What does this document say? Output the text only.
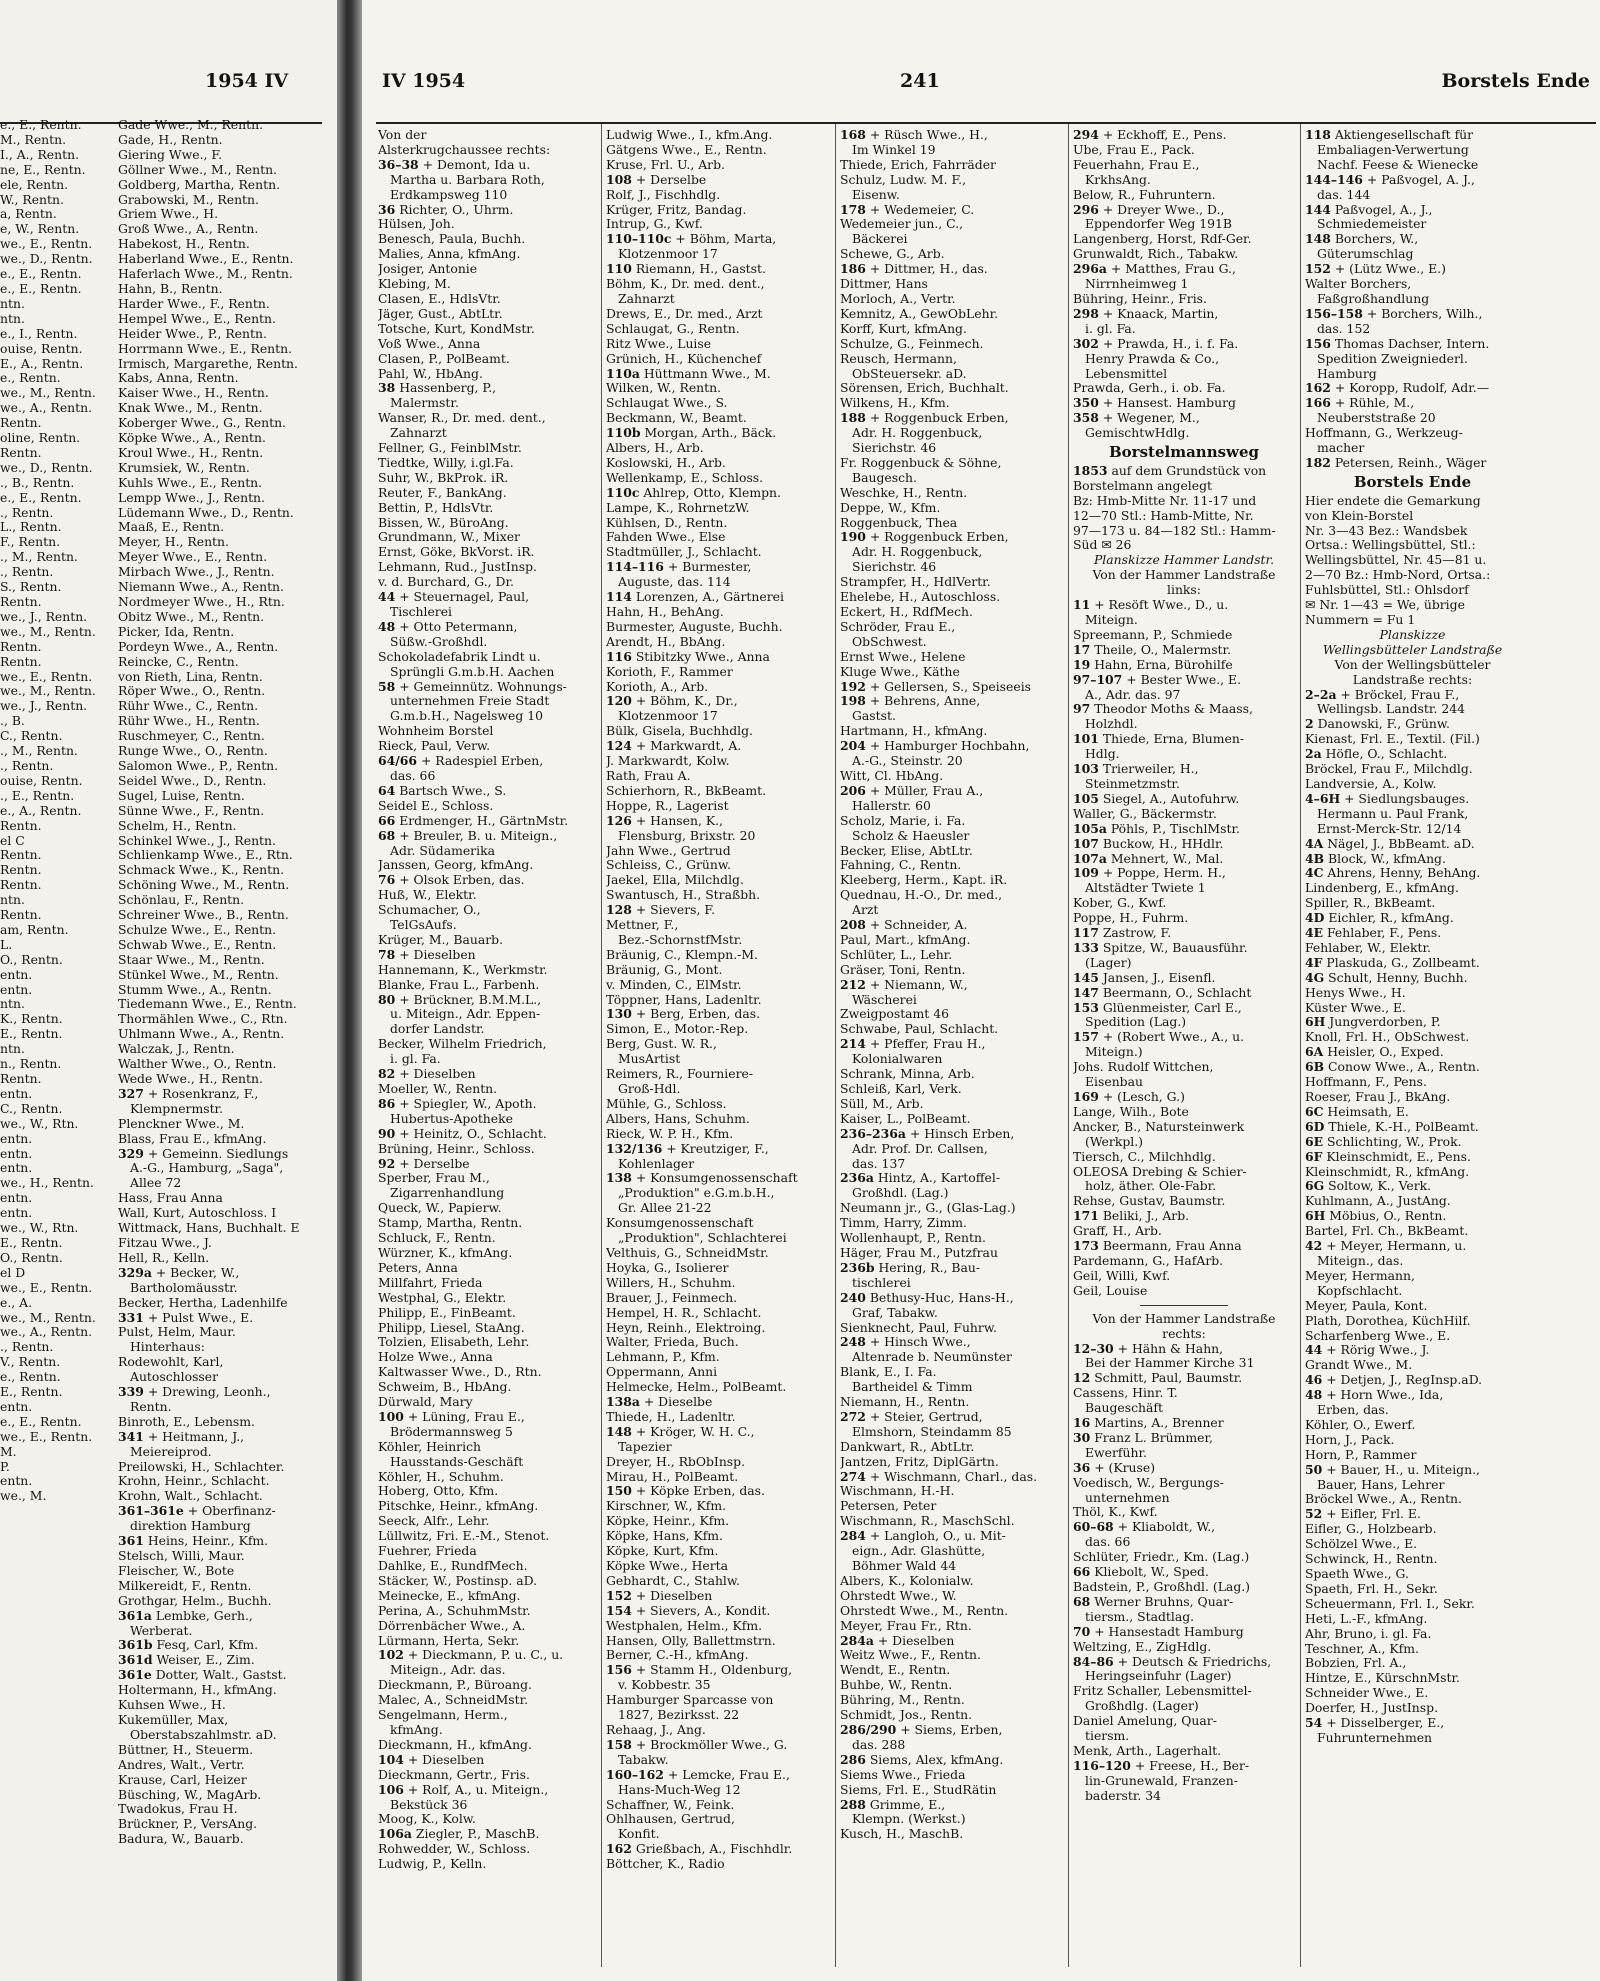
1954 IV
e., E., Rentn.
M., Rentn.
I., A., Rentn.
ne, E., Rentn.
ele, Rentn.
W., Rentn.
a, Rentn.
e, W., Rentn.
we., E., Rentn.
we., D., Rentn.
e., E., Rentn.
e., E., Rentn.
ntn.
ntn.
e., I., Rentn.
ouise, Rentn.
E., A., Rentn.
e., Rentn.
we., M., Rentn.
we., A., Rentn.
Rentn.
oline, Rentn.
Rentn.
we., D., Rentn.
., B., Rentn.
e., E., Rentn.
., Rentn.
L., Rentn.
F., Rentn.
., M., Rentn.
., Rentn.
S., Rentn.
Rentn.
we., J., Rentn.
we., M., Rentn.
Rentn.
Rentn.
we., E., Rentn.
we., M., Rentn.
we., J., Rentn.
., B.
C., Rentn.
., M., Rentn.
., Rentn.
ouise, Rentn.
., E., Rentn.
e., A., Rentn.
Rentn.
el C
Rentn.
Rentn.
Rentn.
ntn.
Rentn.
am, Rentn.
L.
O., Rentn.
entn.
entn.
ntn.
K., Rentn.
E., Rentn.
ntn.
n., Rentn.
Rentn.
entn.
C., Rentn.
we., W., Rtn.
entn.
entn.
entn.
we., H., Rentn.
entn.
entn.
we., W., Rtn.
E., Rentn.
O., Rentn.
el D
we., E., Rentn.
e., A.
we., M., Rentn.
we., A., Rentn.
., Rentn.
V., Rentn.
e., Rentn.
E., Rentn.
entn.
e., E., Rentn.
we., E., Rentn.
M.
P.
entn.
we., M.
Gade Wwe., M., Rentn.
Gade, H., Rentn.
Giering Wwe., F.
Göllner Wwe., M., Rentn.
Goldberg, Martha, Rentn.
Grabowski, M., Rentn.
Griem Wwe., H.
Groß Wwe., A., Rentn.
Habekost, H., Rentn.
Haberland Wwe., E., Rentn.
Haferlach Wwe., M., Rentn.
Hahn, B., Rentn.
Harder Wwe., F., Rentn.
Hempel Wwe., E., Rentn.
Heider Wwe., P., Rentn.
Horrmann Wwe., E., Rentn.
Irmisch, Margarethe, Rentn.
Kabs, Anna, Rentn.
Kaiser Wwe., H., Rentn.
Knak Wwe., M., Rentn.
Koberger Wwe., G., Rentn.
Köpke Wwe., A., Rentn.
Kroul Wwe., H., Rentn.
Krumsiek, W., Rentn.
Kuhls Wwe., E., Rentn.
Lempp Wwe., J., Rentn.
Lüdemann Wwe., D., Rentn.
Maaß, E., Rentn.
Meyer, H., Rentn.
Meyer Wwe., E., Rentn.
Mirbach Wwe., J., Rentn.
Niemann Wwe., A., Rentn.
Nordmeyer Wwe., H., Rtn.
Obitz Wwe., M., Rentn.
Picker, Ida, Rentn.
Pordeyn Wwe., A., Rentn.
Reincke, C., Rentn.
von Rieth, Lina, Rentn.
Röper Wwe., O., Rentn.
Rühr Wwe., C., Rentn.
Rühr Wwe., H., Rentn.
Ruschmeyer, C., Rentn.
Runge Wwe., O., Rentn.
Salomon Wwe., P., Rentn.
Seidel Wwe., D., Rentn.
Sugel, Luise, Rentn.
Sünne Wwe., F., Rentn.
Schelm, H., Rentn.
Schinkel Wwe., J., Rentn.
Schlienkamp Wwe., E., Rtn.
Schmack Wwe., K., Rentn.
Schöning Wwe., M., Rentn.
Schönlau, F., Rentn.
Schreiner Wwe., B., Rentn.
Schulze Wwe., E., Rentn.
Schwab Wwe., E., Rentn.
Staar Wwe., M., Rentn.
Stünkel Wwe., M., Rentn.
Stumm Wwe., A., Rentn.
Tiedemann Wwe., E., Rentn.
Thormählen Wwe., C., Rtn.
Uhlmann Wwe., A., Rentn.
Walczak, J., Rentn.
Walther Wwe., O., Rentn.
Wede Wwe., H., Rentn.
327 + Rosenkranz, F.,
Klempnermstr.
Plenckner Wwe., M.
Blass, Frau E., kfmAng.
329 + Gemeinn. Siedlungs
A.-G., Hamburg, „Saga",
Allee 72
Hass, Frau Anna
Wall, Kurt, Autoschloss. I
Wittmack, Hans, Buchhalt. E
Fitzau Wwe., J.
Hell, R., Kelln.
329a + Becker, W.,
Bartholomäusstr.
Becker, Hertha, Ladenhilfe
331 + Pulst Wwe., E.
Pulst, Helm, Maur.
Hinterhaus:
Rodewohlt, Karl,
Autoschlosser
339 + Drewing, Leonh.,
Rentn.
Binroth, E., Lebensm.
341 + Heitmann, J.,
Meiereiprod.
Preilowski, H., Schlachter.
Krohn, Heinr., Schlacht.
Krohn, Walt., Schlacht.
361–361e + Oberfinanz-
direktion Hamburg
361 Heins, Heinr., Kfm.
Stelsch, Willi, Maur.
Fleischer, W., Bote
Milkereidt, F., Rentn.
Grothgar, Helm., Buchh.
361a Lembke, Gerh.,
Werberat.
361b Fesq, Carl, Kfm.
361d Weiser, E., Zim.
361e Dotter, Walt., Gastst.
Holtermann, H., kfmAng.
Kuhsen Wwe., H.
Kukemüller, Max,
Oberstabszahlmstr. aD.
Büttner, H., Steuerm.
Andres, Walt., Vertr.
Krause, Carl, Heizer
Büsching, W., MagArb.
Twadokus, Frau H.
Brückner, P., VersAng.
Badura, W., Bauarb.
IV 1954	241	Borstels Ende
Von der
Alsterkrugchaussee rechts:
36–38 + Demont, Ida u.
Martha u. Barbara Roth,
Erdkampsweg 110
36 Richter, O., Uhrm.
Hülsen, Joh.
Benesch, Paula, Buchh.
Malies, Anna, kfmAng.
Josiger, Antonie
Klebing, M.
Clasen, E., HdlsVtr.
Jäger, Gust., AbtLtr.
Totsche, Kurt, KondMstr.
Voß Wwe., Anna
Clasen, P., PolBeamt.
Pahl, W., HbAng.
38 Hassenberg, P.,
Malermstr.
Wanser, R., Dr. med. dent.,
Zahnarzt
Fellner, G., FeinblMstr.
Tiedtke, Willy, i.gl.Fa.
Suhr, W., BkProk. iR.
Reuter, F., BankAng.
Bettin, P., HdlsVtr.
Bissen, W., BüroAng.
Grundmann, W., Mixer
Ernst, Göke, BkVorst. iR.
Lehmann, Rud., JustInsp.
v. d. Burchard, G., Dr.
44 + Steuernagel, Paul,
Tischlerei
48 + Otto Petermann,
Süßw.-Großhdl.
Schokoladefabrik Lindt u.
Sprüngli G.m.b.H. Aachen
58 + Gemeinnütz. Wohnungs-
unternehmen Freie Stadt
G.m.b.H., Nagelsweg 10
Wohnheim Borstel
Rieck, Paul, Verw.
64/66 + Radespiel Erben,
das. 66
64 Bartsch Wwe., S.
Seidel E., Schloss.
66 Erdmenger, H., GärtnMstr.
68 + Breuler, B. u. Miteign.,
Adr. Südamerika
Janssen, Georg, kfmAng.
76 + Olsok Erben, das.
Huß, W., Elektr.
Schumacher, O.,
TelGsAufs.
Krüger, M., Bauarb.
78 + Dieselben
Hannemann, K., Werkmstr.
Blanke, Frau L., Farbenh.
80 + Brückner, B.M.M.L.,
u. Miteign., Adr. Eppen-
dorfer Landstr.
Becker, Wilhelm Friedrich,
i. gl. Fa.
82 + Dieselben
Moeller, W., Rentn.
86 + Spiegler, W., Apoth.
Hubertus-Apotheke
90 + Heinitz, O., Schlacht.
Brüning, Heinr., Schloss.
92 + Derselbe
Sperber, Frau M.,
Zigarrenhandlung
Queck, W., Papierw.
Stamp, Martha, Rentn.
Schluck, F., Rentn.
Würzner, K., kfmAng.
Peters, Anna
Millfahrt, Frieda
Westphal, G., Elektr.
Philipp, E., FinBeamt.
Philipp, Liesel, StaAng.
Tolzien, Elisabeth, Lehr.
Holze Wwe., Anna
Kaltwasser Wwe., D., Rtn.
Schweim, B., HbAng.
Dürwald, Mary
100 + Lüning, Frau E.,
Brödermannsweg 5
Köhler, Heinrich
Hausstands-Geschäft
Köhler, H., Schuhm.
Hoberg, Otto, Kfm.
Pitschke, Heinr., kfmAng.
Seeck, Alfr., Lehr.
Lüllwitz, Fri. E.-M., Stenot.
Fuehrer, Frieda
Dahlke, E., RundfMech.
Stäcker, W., Postinsp. aD.
Meinecke, E., kfmAng.
Perina, A., SchuhmMstr.
Dörrenbächer Wwe., A.
Lürmann, Herta, Sekr.
102 + Dieckmann, P. u. C., u.
Miteign., Adr. das.
Dieckmann, P., Büroang.
Malec, A., SchneidMstr.
Sengelmann, Herm.,
kfmAng.
Dieckmann, H., kfmAng.
104 + Dieselben
Dieckmann, Gertr., Fris.
106 + Rolf, A., u. Miteign.,
Bekstück 36
Moog, K., Kolw.
106a Ziegler, P., MaschB.
Rohwedder, W., Schloss.
Ludwig, P., Kelln.
Ludwig Wwe., I., kfm.Ang.
Gätgens Wwe., E., Rentn.
Kruse, Frl. U., Arb.
108 + Derselbe
Rolf, J., Fischhdlg.
Krüger, Fritz, Bandag.
Intrup, G., Kwf.
110–110c + Böhm, Marta,
Klotzenmoor 17
110 Riemann, H., Gastst.
Böhm, K., Dr. med. dent.,
Zahnarzt
Drews, E., Dr. med., Arzt
Schlaugat, G., Rentn.
Ritz Wwe., Luise
Grünich, H., Küchenchef
110a Hüttmann Wwe., M.
Wilken, W., Rentn.
Schlaugat Wwe., S.
Beckmann, W., Beamt.
110b Morgan, Arth., Bäck.
Albers, H., Arb.
Koslowski, H., Arb.
Wellenkamp, E., Schloss.
110c Ahlrep, Otto, Klempn.
Lampe, K., RohrnetzW.
Kühlsen, D., Rentn.
Fahden Wwe., Else
Stadtmüller, J., Schlacht.
114–116 + Burmester,
Auguste, das. 114
114 Lorenzen, A., Gärtnerei
Hahn, H., BehAng.
Burmester, Auguste, Buchh.
Arendt, H., BbAng.
116 Stibitzky Wwe., Anna
Korioth, F., Rammer
Korioth, A., Arb.
120 + Böhm, K., Dr.,
Klotzenmoor 17
Bülk, Gisela, Buchhdlg.
124 + Markwardt, A.
J. Markwardt, Kolw.
Rath, Frau A.
Schierhorn, R., BkBeamt.
Hoppe, R., Lagerist
126 + Hansen, K.,
Flensburg, Brixstr. 20
Jahn Wwe., Gertrud
Schleiss, C., Grünw.
Jaekel, Ella, Milchdlg.
Swantusch, H., Straßbh.
128 + Sievers, F.
Mettner, F.,
Bez.-SchornstfMstr.
Bräunig, C., Klempn.-M.
Bräunig, G., Mont.
v. Minden, C., ElMstr.
Töppner, Hans, Ladenltr.
130 + Berg, Erben, das.
Simon, E., Motor.-Rep.
Berg, Gust. W. R.,
MusArtist
Reimers, R., Fourniere-
Groß-Hdl.
Mühle, G., Schloss.
Albers, Hans, Schuhm.
Rieck, W. P. H., Kfm.
132/136 + Kreutziger, F.,
Kohlenlager
138 + Konsumgenossenschaft
„Produktion" e.G.m.b.H.,
Gr. Allee 21-22
Konsumgenossenschaft
„Produktion", Schlachterei
Velthuis, G., SchneidMstr.
Hoyka, G., Isolierer
Willers, H., Schuhm.
Brauer, J., Feinmech.
Hempel, H. R., Schlacht.
Heyn, Reinh., Elektroing.
Walter, Frieda, Buch.
Lehmann, P., Kfm.
Oppermann, Anni
Helmecke, Helm., PolBeamt.
138a + Dieselbe
Thiede, H., Ladenltr.
148 + Kröger, W. H. C.,
Tapezier
Dreyer, H., RbObInsp.
Mirau, H., PolBeamt.
150 + Köpke Erben, das.
Kirschner, W., Kfm.
Köpke, Heinr., Kfm.
Köpke, Hans, Kfm.
Köpke, Kurt, Kfm.
Köpke Wwe., Herta
Gebhardt, C., Stahlw.
152 + Dieselben
154 + Sievers, A., Kondit.
Westphalen, Helm., Kfm.
Hansen, Olly, Ballettmstrn.
Berner, C.-H., kfmAng.
156 + Stamm H., Oldenburg,
v. Kobbestr. 35
Hamburger Sparcasse von
1827, Bezirksst. 22
Rehaag, J., Ang.
158 + Brockmöller Wwe., G.
Tabakw.
160–162 + Lemcke, Frau E.,
Hans-Much-Weg 12
Schaffner, W., Feink.
Ohlhausen, Gertrud,
Konfit.
162 Grießbach, A., Fischhdlr.
Böttcher, K., Radio
168 + Rüsch Wwe., H.,
Im Winkel 19
Thiede, Erich, Fahrräder
Schulz, Ludw. M. F.,
Eisenw.
178 + Wedemeier, C.
Wedemeier jun., C.,
Bäckerei
Schewe, G., Arb.
186 + Dittmer, H., das.
Dittmer, Hans
Morloch, A., Vertr.
Kemnitz, A., GewObLehr.
Korff, Kurt, kfmAng.
Schulze, G., Feinmech.
Reusch, Hermann,
ObSteuersekr. aD.
Sörensen, Erich, Buchhalt.
Wilkens, H., Kfm.
188 + Roggenbuck Erben,
Adr. H. Roggenbuck,
Sierichstr. 46
Fr. Roggenbuck & Söhne,
Baugesch.
Weschke, H., Rentn.
Deppe, W., Kfm.
Roggenbuck, Thea
190 + Roggenbuck Erben,
Adr. H. Roggenbuck,
Sierichstr. 46
Strampfer, H., HdlVertr.
Ehelebe, H., Autoschloss.
Eckert, H., RdfMech.
Schröder, Frau E.,
ObSchwest.
Ernst Wwe., Helene
Kluge Wwe., Käthe
192 + Gellersen, S., Speiseeis
198 + Behrens, Anne,
Gastst.
Hartmann, H., kfmAng.
204 + Hamburger Hochbahn,
A.-G., Steinstr. 20
Witt, Cl. HbAng.
206 + Müller, Frau A.,
Hallerstr. 60
Scholz, Marie, i. Fa.
Scholz & Haeusler
Becker, Elise, AbtLtr.
Fahning, C., Rentn.
Kleeberg, Herm., Kapt. iR.
Quednau, H.-O., Dr. med.,
Arzt
208 + Schneider, A.
Paul, Mart., kfmAng.
Schlüter, L., Lehr.
Gräser, Toni, Rentn.
212 + Niemann, W.,
Wäscherei
Zweigpostamt 46
Schwabe, Paul, Schlacht.
214 + Pfeffer, Frau H.,
Kolonialwaren
Schrank, Minna, Arb.
Schleiß, Karl, Verk.
Süll, M., Arb.
Kaiser, L., PolBeamt.
236–236a + Hinsch Erben,
Adr. Prof. Dr. Callsen,
das. 137
236a Hintz, A., Kartoffel-
Großhdl. (Lag.)
Neumann jr., G., (Glas-Lag.)
Timm, Harry, Zimm.
Wollenhaupt, P., Rentn.
Häger, Frau M., Putzfrau
236b Hering, R., Bau-
tischlerei
240 Bethusy-Huc, Hans-H.,
Graf, Tabakw.
Sienknecht, Paul, Fuhrw.
248 + Hinsch Wwe.,
Altenrade b. Neumünster
Blank, E., I. Fa.
Bartheidel & Timm
Niemann, H., Rentn.
272 + Steier, Gertrud,
Elmshorn, Steindamm 85
Dankwart, R., AbtLtr.
Jantzen, Fritz, DiplGärtn.
274 + Wischmann, Charl., das.
Wischmann, H.-H.
Petersen, Peter
Wischmann, R., MaschSchl.
284 + Langloh, O., u. Mit-
eign., Adr. Glashütte,
Böhmer Wald 44
Albers, K., Kolonialw.
Ohrstedt Wwe., W.
Ohrstedt Wwe., M., Rentn.
Meyer, Frau Fr., Rtn.
284a + Dieselben
Weitz Wwe., F., Rentn.
Wendt, E., Rentn.
Buhbe, W., Rentn.
Bühring, M., Rentn.
Schmidt, Jos., Rentn.
286/290 + Siems, Erben,
das. 288
286 Siems, Alex, kfmAng.
Siems Wwe., Frieda
Siems, Frl. E., StudRätin
288 Grimme, E.,
Klempn. (Werkst.)
Kusch, H., MaschB.
294 + Eckhoff, E., Pens.
Ube, Frau E., Pack.
Feuerhahn, Frau E.,
KrkhsAng.
Below, R., Fuhruntern.
296 + Dreyer Wwe., D.,
Eppendorfer Weg 191B
Langenberg, Horst, Rdf-Ger.
Grunwaldt, Rich., Tabakw.
296a + Matthes, Frau G.,
Nirrnheimweg 1
Bühring, Heinr., Fris.
298 + Knaack, Martin,
i. gl. Fa.
302 + Prawda, H., i. f. Fa.
Henry Prawda & Co.,
Lebensmittel
Prawda, Gerh., i. ob. Fa.
350 + Hansest. Hamburg
358 + Wegener, M.,
GemischtwHdlg.
Borstelmannsweg
1853 auf dem Grundstück von
Borstelmann angelegt
Bz: Hmb-Mitte Nr. 11-17 und
12—70 Stl.: Hamb-Mitte, Nr.
97—173 u. 84—182 Stl.: Hamm-
Süd ✉ 26
Planskizze Hammer Landstr.
Von der Hammer Landstraße
links:
11 + Resöft Wwe., D., u.
Miteign.
Spreemann, P., Schmiede
17 Theile, O., Malermstr.
19 Hahn, Erna, Bürohilfe
97–107 + Bester Wwe., E.
A., Adr. das. 97
97 Theodor Moths & Maass,
Holzhdl.
101 Thiede, Erna, Blumen-
Hdlg.
103 Trierweiler, H.,
Steinmetzmstr.
105 Siegel, A., Autofuhrw.
Waller, G., Bäckermstr.
105a Pöhls, P., TischlMstr.
107 Buckow, H., HHdlr.
107a Mehnert, W., Mal.
109 + Poppe, Herm. H.,
Altstädter Twiete 1
Kober, G., Kwf.
Poppe, H., Fuhrm.
117 Zastrow, F.
133 Spitze, W., Bauausführ.
(Lager)
145 Jansen, J., Eisenfl.
147 Beermann, O., Schlacht
153 Glüenmeister, Carl E.,
Spedition (Lag.)
157 + (Robert Wwe., A., u.
Miteign.)
Johs. Rudolf Wittchen,
Eisenbau
169 + (Lesch, G.)
Lange, Wilh., Bote
Ancker, B., Natursteinwerk
(Werkpl.)
Tiersch, C., Milchhdlg.
OLEOSA Drebing & Schier-
holz, äther. Ole-Fabr.
Rehse, Gustav, Baumstr.
171 Beliki, J., Arb.
Graff, H., Arb.
173 Beermann, Frau Anna
Pardemann, G., HafArb.
Geil, Willi, Kwf.
Geil, Louise
Von der Hammer Landstraße
rechts:
12–30 + Hähn & Hahn,
Bei der Hammer Kirche 31
12 Schmitt, Paul, Baumstr.
Cassens, Hinr. T.
Baugeschäft
16 Martins, A., Brenner
30 Franz L. Brümmer,
Ewerführ.
36 + (Kruse)
Voedisch, W., Bergungs-
unternehmen
Thöl, K., Kwf.
60–68 + Kliaboldt, W.,
das. 66
Schlüter, Friedr., Km. (Lag.)
66 Kliebolt, W., Sped.
Badstein, P., Großhdl. (Lag.)
68 Werner Bruhns, Quar-
tiersm., Stadtlag.
70 + Hansestadt Hamburg
Weltzing, E., ZigHdlg.
84–86 + Deutsch & Friedrichs,
Heringseinfuhr (Lager)
Fritz Schaller, Lebensmittel-
Großhdlg. (Lager)
Daniel Amelung, Quar-
tiersm.
Menk, Arth., Lagerhalt.
116–120 + Freese, H., Ber-
lin-Grunewald, Franzen-
baderstr. 34
118 Aktiengesellschaft für
Embaliagen-Verwertung
Nachf. Feese & Wienecke
144–146 + Paßvogel, A. J.,
das. 144
144 Paßvogel, A., J.,
Schmiedemeister
148 Borchers, W.,
Güterumschlag
152 + (Lütz Wwe., E.)
Walter Borchers,
Faßgroßhandlung
156–158 + Borchers, Wilh.,
das. 152
156 Thomas Dachser, Intern.
Spedition Zweigniederl.
Hamburg
162 + Koropp, Rudolf, Adr.—
166 + Rühle, M.,
Neuberststraße 20
Hoffmann, G., Werkzeug-
macher
182 Petersen, Reinh., Wäger
Borstels Ende
Hier endete die Gemarkung
von Klein-Borstel
Nr. 3—43 Bez.: Wandsbek
Ortsa.: Wellingsbüttel, Stl.:
Wellingsbüttel, Nr. 45—81 u.
2—70 Bz.: Hmb-Nord, Ortsa.:
Fuhlsbüttel, Stl.: Ohlsdorf
✉ Nr. 1—43 = We, übrige
Nummern = Fu 1
Planskizze
Wellingsbütteler Landstraße
Von der Wellingsbütteler
Landstraße rechts:
2–2a + Bröckel, Frau F.,
Wellingsb. Landstr. 244
2 Danowski, F., Grünw.
Kienast, Frl. E., Textil. (Fil.)
2a Höfle, O., Schlacht.
Bröckel, Frau F., Milchdlg.
Landversie, A., Kolw.
4–6H + Siedlungsbauges.
Hermann u. Paul Frank,
Ernst-Merck-Str. 12/14
4A Nägel, J., BbBeamt. aD.
4B Block, W., kfmAng.
4C Ahrens, Henny, BehAng.
Lindenberg, E., kfmAng.
Spiller, R., BkBeamt.
4D Eichler, R., kfmAng.
4E Fehlaber, F., Pens.
Fehlaber, W., Elektr.
4F Plaskuda, G., Zollbeamt.
4G Schult, Henny, Buchh.
Henys Wwe., H.
Küster Wwe., E.
6H Jungverdorben, P.
Knoll, Frl. H., ObSchwest.
6A Heisler, O., Exped.
6B Conow Wwe., A., Rentn.
Hoffmann, F., Pens.
Roeser, Frau J., BkAng.
6C Heimsath, E.
6D Thiele, K.-H., PolBeamt.
6E Schlichting, W., Prok.
6F Kleinschmidt, E., Pens.
Kleinschmidt, R., kfmAng.
6G Soltow, K., Verk.
Kuhlmann, A., JustAng.
6H Möbius, O., Rentn.
Bartel, Frl. Ch., BkBeamt.
42 + Meyer, Hermann, u.
Miteign., das.
Meyer, Hermann,
Kopfschlacht.
Meyer, Paula, Kont.
Plath, Dorothea, KüchHilf.
Scharfenberg Wwe., E.
44 + Rörig Wwe., J.
Grandt Wwe., M.
46 + Detjen, J., RegInsp.aD.
48 + Horn Wwe., Ida,
Erben, das.
Köhler, O., Ewerf.
Horn, J., Pack.
Horn, P., Rammer
50 + Bauer, H., u. Miteign.,
Bauer, Hans, Lehrer
Bröckel Wwe., A., Rentn.
52 + Eifler, Frl. E.
Eifler, G., Holzbearb.
Schölzel Wwe., E.
Schwinck, H., Rentn.
Spaeth Wwe., G.
Spaeth, Frl. H., Sekr.
Scheuermann, Frl. I., Sekr.
Heti, L.-F., kfmAng.
Ahr, Bruno, i. gl. Fa.
Teschner, A., Kfm.
Bobzien, Frl. A.,
Hintze, E., KürschnMstr.
Schneider Wwe., E.
Doerfer, H., JustInsp.
54 + Disselberger, E.,
Fuhrunternehmen
